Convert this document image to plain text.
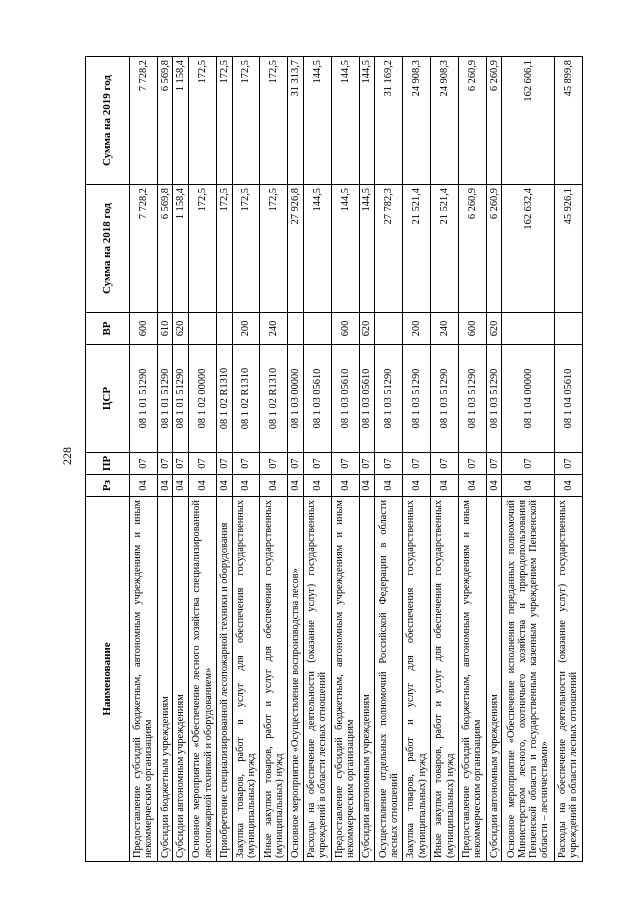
228
Наименование	Рз	ПР	ЦСР	ВР	Сумма на 2018 год	Сумма на 2019 год
Предоставление субсидий бюджетным, автономным учреждениям и иным некоммерческим организациям	04	07	08 1 01 51290	600	7 728,2	7 728,2
Субсидии бюджетным учреждениям	04	07	08 1 01 51290	610	6 569,8	6 569,8
Субсидии автономным учреждениям	04	07	08 1 01 51290	620	1 158,4	1 158,4
Основное мероприятие «Обеспечение лесного хозяйства специализированной лесопожарной техникой и оборудованием»	04	07	08 1 02 00000		172,5	172,5
Приобретение специализированной лесопожарной техники и оборудования	04	07	08 1 02 R1310		172,5	172,5
Закупка товаров, работ и услуг для обеспечения государственных (муниципальных) нужд	04	07	08 1 02 R1310	200	172,5	172,5
Иные закупки товаров, работ и услуг для обеспечения государственных (муниципальных) нужд	04	07	08 1 02 R1310	240	172,5	172,5
Основное мероприятие «Осуществление воспроизводства лесов»	04	07	08 1 03 00000		27 926,8	31 313,7
Расходы на обеспечение деятельности (оказание услуг) государственных учреждений в области лесных отношений	04	07	08 1 03 05610		144,5	144,5
Предоставление субсидий бюджетным, автономным учреждениям и иным некоммерческим организациям	04	07	08 1 03 05610	600	144,5	144,5
Субсидии автономным учреждениям	04	07	08 1 03 05610	620	144,5	144,5
Осуществление отдельных полномочий Российской Федерации в области лесных отношений	04	07	08 1 03 51290		27 782,3	31 169,2
Закупка товаров, работ и услуг для обеспечения государственных (муниципальных) нужд	04	07	08 1 03 51290	200	21 521,4	24 908,3
Иные закупки товаров, работ и услуг для обеспечения государственных (муниципальных) нужд	04	07	08 1 03 51290	240	21 521,4	24 908,3
Предоставление субсидий бюджетным, автономным учреждениям и иным некоммерческим организациям	04	07	08 1 03 51290	600	6 260,9	6 260,9
Субсидии автономным учреждениям	04	07	08 1 03 51290	620	6 260,9	6 260,9
Основное мероприятие «Обеспечение исполнения переданных полномочий Министерством лесного, охотничьего хозяйства и природопользования Пензенской области и государственным казенным учреждением Пензенской области – лесничествами»	04	07	08 1 04 00000		162 632,4	162 606,1
Расходы на обеспечение деятельности (оказание услуг) государственных учреждений в области лесных отношений	04	07	08 1 04 05610		45 926,1	45 899,8
